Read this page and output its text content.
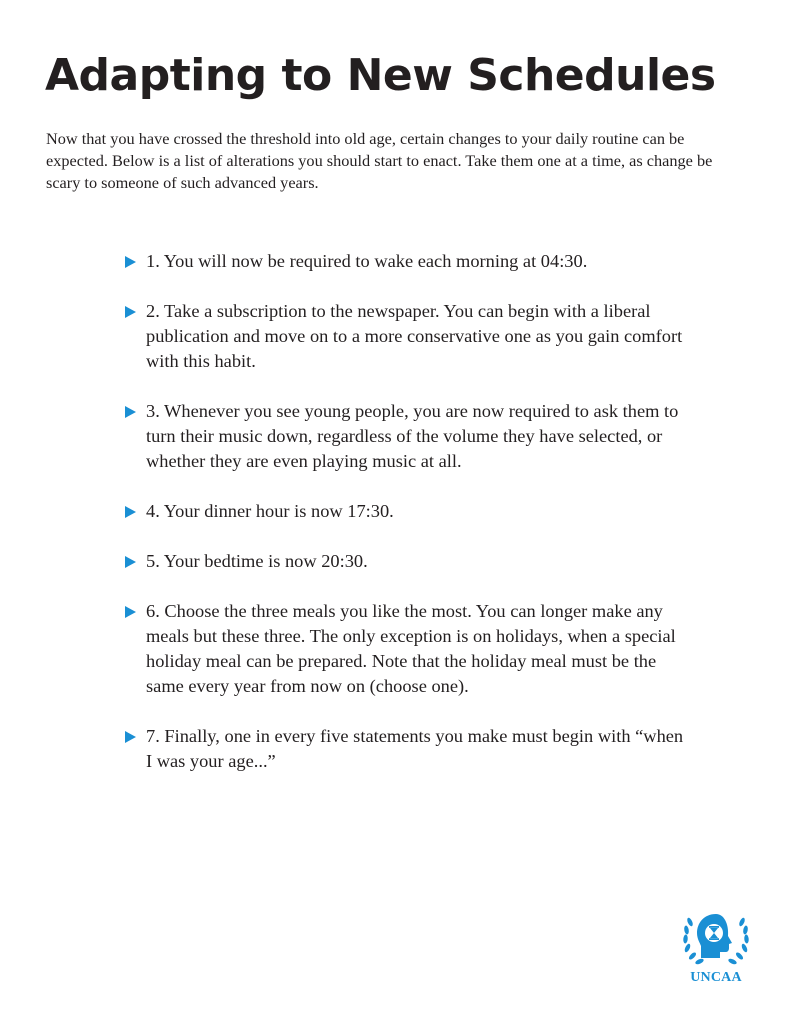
Adapting to New Schedules

Now that you have crossed the threshold into old age, certain changes to your daily routine can be expected. Below is a list of alterations you should start to enact. Take them one at a time, as change be scary to someone of such advanced years.

1. You will now be required to wake each morning at 04:30.
2. Take a subscription to the newspaper. You can begin with a liberal publication and move on to a more conservative one as you gain comfort with this habit.
3. Whenever you see young people, you are now required to ask them to turn their music down, regardless of the volume they have selected, or whether they are even playing music at all.
4. Your dinner hour is now 17:30.
5. Your bedtime is now 20:30.
6. Choose the three meals you like the most. You can longer make any meals but these three. The only exception is on holidays, when a special holiday meal can be prepared. Note that the holiday meal must be the same every year from now on (choose one).
7. Finally, one in every five statements you make must begin with “when I was your age...”
UNCAA
